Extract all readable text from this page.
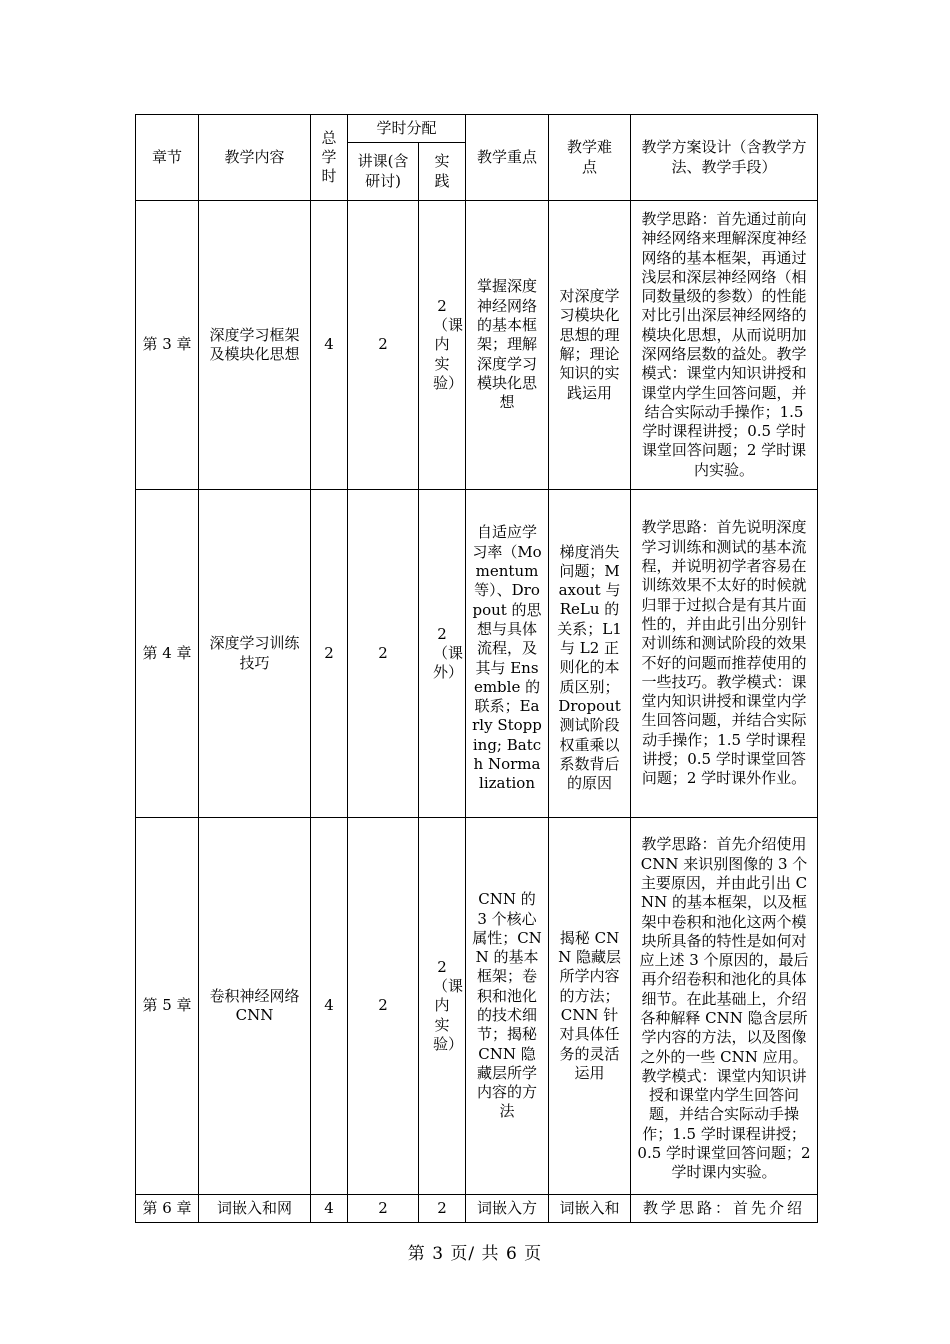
章节	教学内容	总学时	学时分配		教学重点	教学难点	教学方案设计（含教学方法、教学手段）
			讲课(含研讨)	实践			
第 3 章	深度学习框架及模块化思想	4	2	2（课内实验）	掌握深度神经网络的基本框架；理解深度学习模块化思想	对深度学习模块化思想的理解；理论知识的实践运用	教学思路：首先通过前向神经网络来理解深度神经网络的基本框架，再通过浅层和深层神经网络（相同数量级的参数）的性能对比引出深层神经网络的模块化思想，从而说明加深网络层数的益处。教学模式：课堂内知识讲授和课堂内学生回答问题，并结合实际动手操作；1.5 学时课程讲授；0.5 学时课堂回答问题；2 学时课内实验。
第 4 章	深度学习训练技巧	2	2	2（课外）	自适应学习率（Momentum 等）、Dropout 的思想与具体流程，及其与 Ensemble 的联系；Early Stopping; Batch Normalization	梯度消失问题；Maxout 与 ReLu 的关系；L1 与 L2 正则化的本质区别；Dropout 测试阶段权重乘以系数背后的原因	教学思路：首先说明深度学习训练和测试的基本流程，并说明初学者容易在训练效果不太好的时候就归罪于过拟合是有其片面性的，并由此引出分别针对训练和测试阶段的效果不好的问题而推荐使用的一些技巧。教学模式：课堂内知识讲授和课堂内学生回答问题，并结合实际动手操作；1.5 学时课程讲授；0.5 学时课堂回答问题；2 学时课外作业。
第 5 章	卷积神经网络 CNN	4	2	2（课内实验）	CNN 的 3 个核心属性；CNN 的基本框架；卷积和池化的技术细节；揭秘 CNN 隐藏层所学内容的方法	揭秘 CNN 隐藏层所学内容的方法；CNN 针对具体任务的灵活运用	教学思路：首先介绍使用 CNN 来识别图像的 3 个主要原因，并由此引出 CNN 的基本框架，以及框架中卷积和池化这两个模块所具备的特性是如何对应上述 3 个原因的，最后再介绍卷积和池化的具体细节。在此基础上，介绍各种解释 CNN 隐含层所学内容的方法，以及图像之外的一些 CNN 应用。教学模式：课堂内知识讲授和课堂内学生回答问题，并结合实际动手操作；1.5 学时课程讲授；0.5 学时课堂回答问题；2 学时课内实验。
第 6 章	词嵌入和网	4	2	2	词嵌入方	词嵌入和	教学思路：首先介绍
第 3 页/ 共 6 页
